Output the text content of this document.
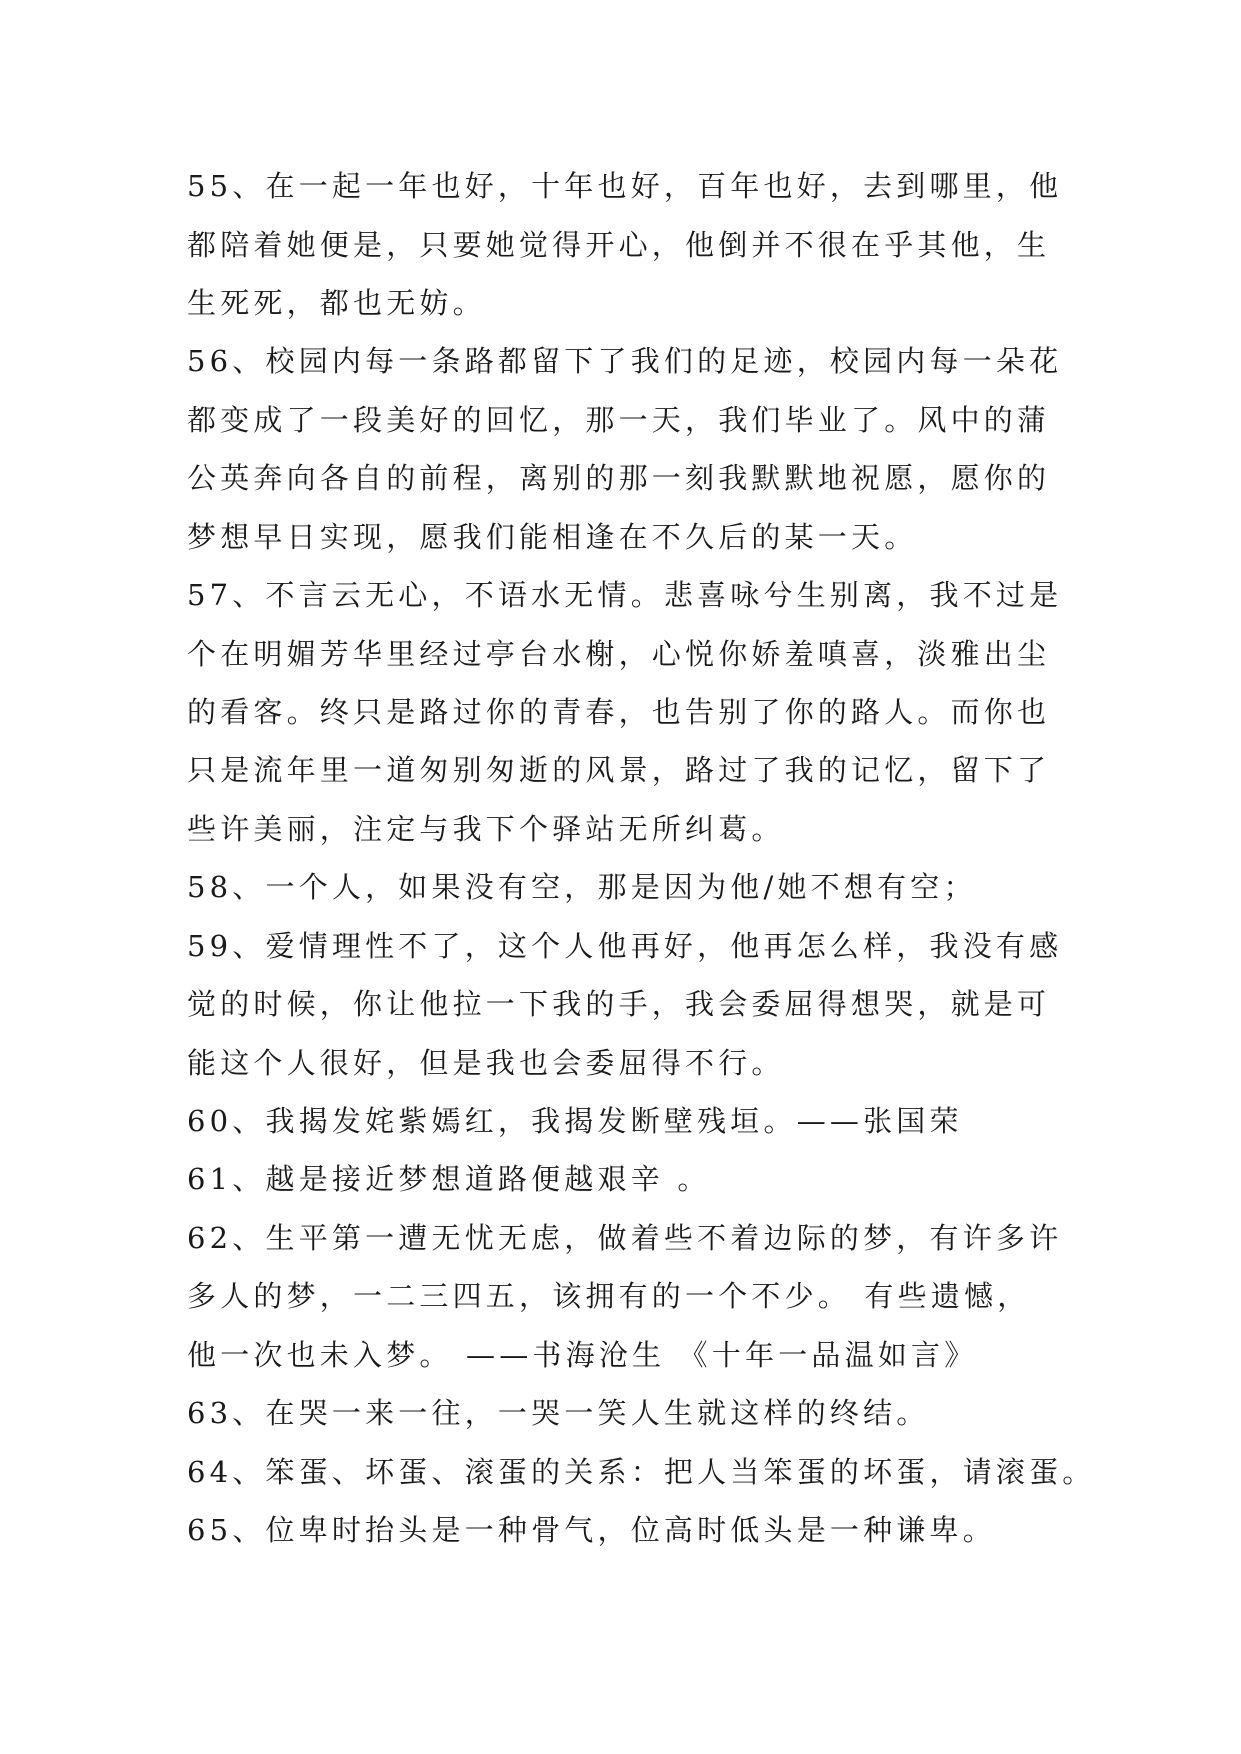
55、在一起一年也好，十年也好，百年也好，去到哪里，他
都陪着她便是，只要她觉得开心，他倒并不很在乎其他，生
生死死，都也无妨。
56、校园内每一条路都留下了我们的足迹，校园内每一朵花
都变成了一段美好的回忆，那一天，我们毕业了。风中的蒲
公英奔向各自的前程，离别的那一刻我默默地祝愿，愿你的
梦想早日实现，愿我们能相逢在不久后的某一天。
57、不言云无心，不语水无情。悲喜咏兮生别离，我不过是
个在明媚芳华里经过亭台水榭，心悦你娇羞嗔喜，淡雅出尘
的看客。终只是路过你的青春，也告别了你的路人。而你也
只是流年里一道匆别匆逝的风景，路过了我的记忆，留下了
些许美丽，注定与我下个驿站无所纠葛。
58、一个人，如果没有空，那是因为他/她不想有空；
59、爱情理性不了，这个人他再好，他再怎么样，我没有感
觉的时候，你让他拉一下我的手，我会委屈得想哭，就是可
能这个人很好，但是我也会委屈得不行。
60、我揭发姹紫嫣红，我揭发断壁残垣。——张国荣
61、越是接近梦想道路便越艰辛 。
62、生平第一遭无忧无虑，做着些不着边际的梦，有许多许
多人的梦，一二三四五，该拥有的一个不少。 有些遗憾，
他一次也未入梦。 ——书海沧生 《十年一品温如言》
63、在哭一来一往，一哭一笑人生就这样的终结。
64、笨蛋、坏蛋、滚蛋的关系：把人当笨蛋的坏蛋，请滚蛋。
65、位卑时抬头是一种骨气，位高时低头是一种谦卑。
